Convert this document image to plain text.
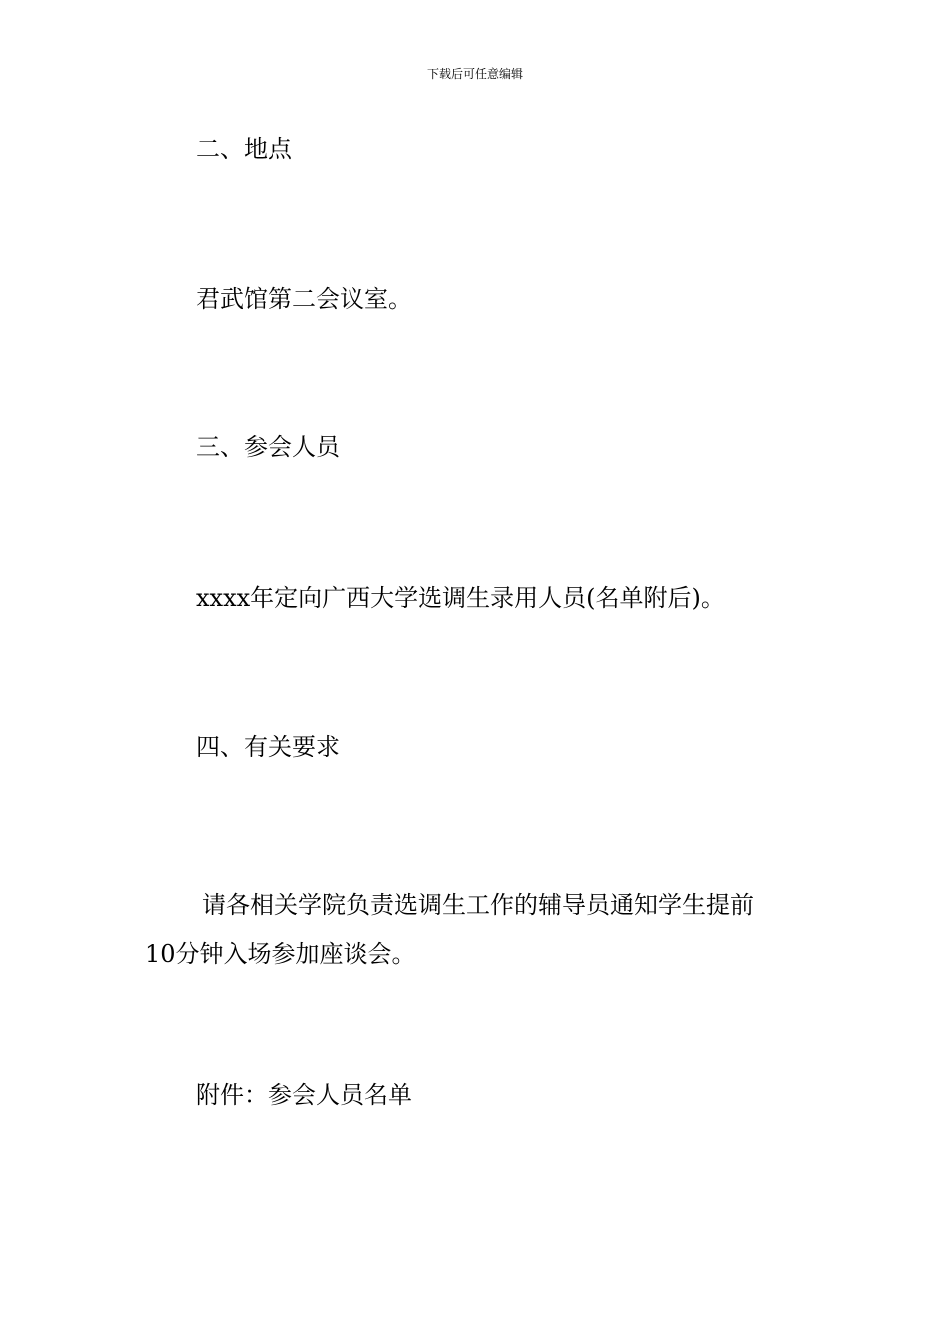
下载后可任意编辑
二、地点
君武馆第二会议室。
三、参会人员
xxxx年定向广西大学选调生录用人员(名单附后)。
四、有关要求
请各相关学院负责选调生工作的辅导员通知学生提前
10分钟入场参加座谈会。
附件：参会人员名单
